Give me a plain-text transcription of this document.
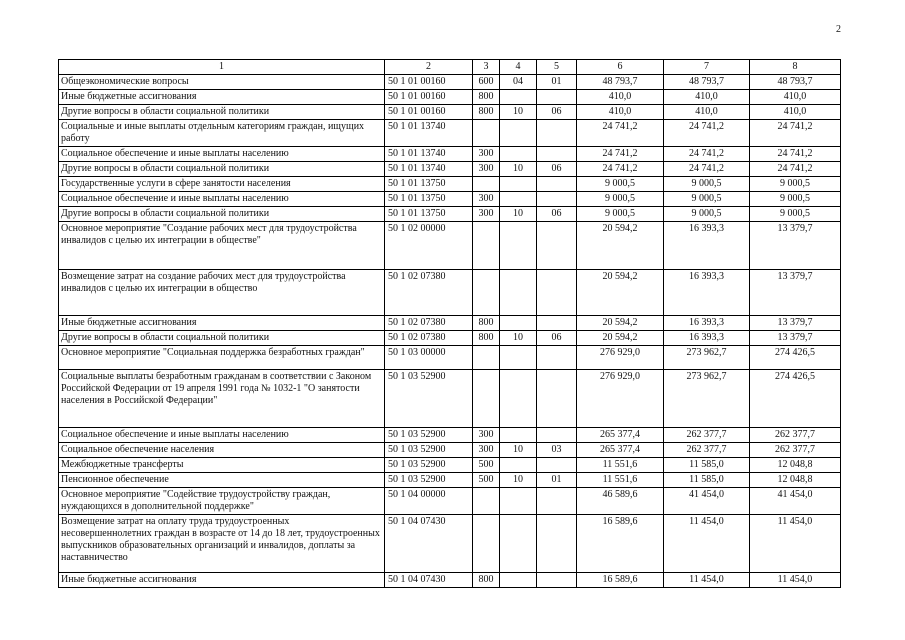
2
1	2	3	4	5	6	7	8
Общеэкономические вопросы	50 1 01 00160	600	04	01	48 793,7	48 793,7	48 793,7
Иные бюджетные ассигнования	50 1 01 00160	800			410,0	410,0	410,0
Другие вопросы в области социальной политики	50 1 01 00160	800	10	06	410,0	410,0	410,0
Социальные и иные выплаты отдельным категориям граждан, ищущих работу	50 1 01 13740				24 741,2	24 741,2	24 741,2
Социальное обеспечение и иные выплаты населению	50 1 01 13740	300			24 741,2	24 741,2	24 741,2
Другие вопросы в области социальной политики	50 1 01 13740	300	10	06	24 741,2	24 741,2	24 741,2
Государственные услуги в сфере занятости населения	50 1 01 13750				9 000,5	9 000,5	9 000,5
Социальное обеспечение и иные выплаты населению	50 1 01 13750	300			9 000,5	9 000,5	9 000,5
Другие вопросы в области социальной политики	50 1 01 13750	300	10	06	9 000,5	9 000,5	9 000,5
Основное мероприятие "Создание рабочих мест для трудоустройства инвалидов с целью их интеграции в обществе"	50 1 02 00000				20 594,2	16 393,3	13 379,7
Возмещение затрат на создание рабочих мест для трудоустройства инвалидов с целью их интеграции в общество	50 1 02 07380				20 594,2	16 393,3	13 379,7
Иные бюджетные ассигнования	50 1 02 07380	800			20 594,2	16 393,3	13 379,7
Другие вопросы в области социальной политики	50 1 02 07380	800	10	06	20 594,2	16 393,3	13 379,7
Основное мероприятие "Социальная поддержка безработных граждан"	50 1 03 00000				276 929,0	273 962,7	274 426,5
Социальные выплаты безработным гражданам в соответствии с Законом Российской Федерации от 19 апреля 1991 года № 1032-1 "О занятости населения в Российской Федерации"	50 1 03 52900				276 929,0	273 962,7	274 426,5
Социальное обеспечение и иные выплаты населению	50 1 03 52900	300			265 377,4	262 377,7	262 377,7
Социальное обеспечение населения	50 1 03 52900	300	10	03	265 377,4	262 377,7	262 377,7
Межбюджетные трансферты	50 1 03 52900	500			11 551,6	11 585,0	12 048,8
Пенсионное обеспечение	50 1 03 52900	500	10	01	11 551,6	11 585,0	12 048,8
Основное мероприятие "Содействие трудоустройству граждан, нуждающихся в дополнительной поддержке"	50 1 04 00000				46 589,6	41 454,0	41 454,0
Возмещение затрат на оплату труда трудоустроенных несовершеннолетних граждан в возрасте от 14 до 18 лет, трудоустроенных выпускников образовательных организаций и инвалидов, доплаты за наставничество	50 1 04 07430				16 589,6	11 454,0	11 454,0
Иные бюджетные ассигнования	50 1 04 07430	800			16 589,6	11 454,0	11 454,0
